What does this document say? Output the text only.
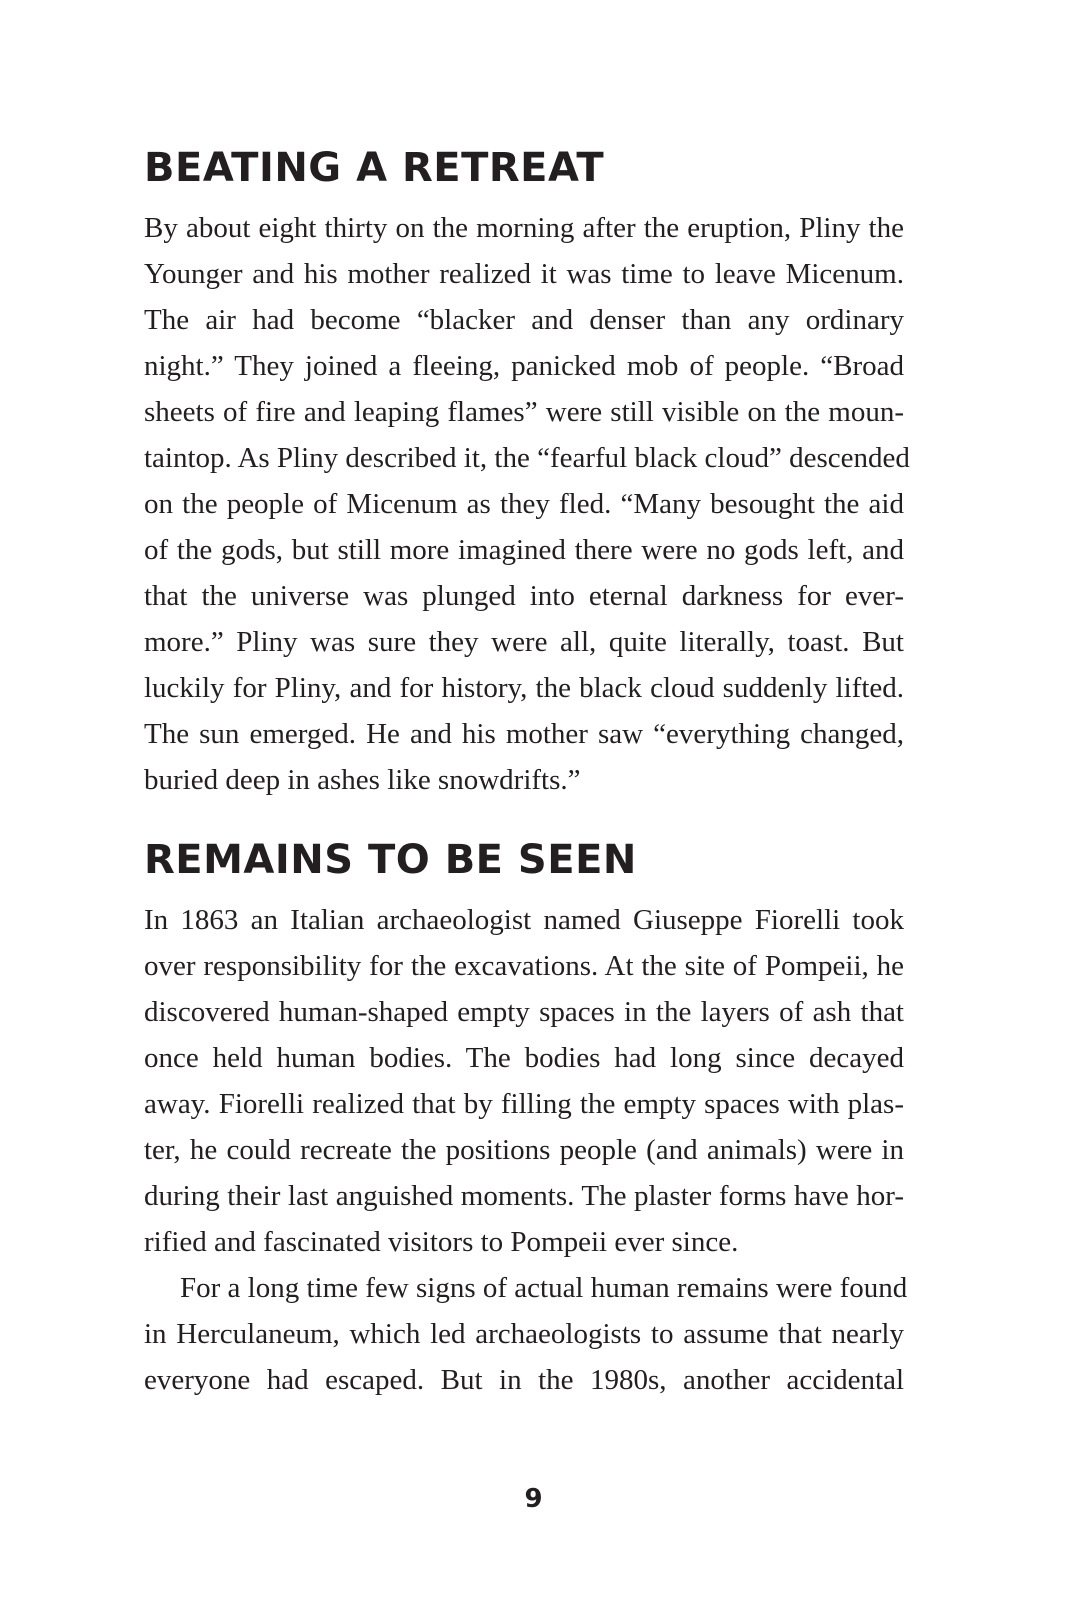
BEATING A RETREAT
By about eight thirty on the morning after the eruption, Pliny the
Younger and his mother realized it was time to leave Micenum.
The air had become “blacker and denser than any ordinary
night.” They joined a fleeing, panicked mob of people. “Broad
sheets of fire and leaping flames” were still visible on the moun-
taintop. As Pliny described it, the “fearful black cloud” descended
on the people of Micenum as they fled. “Many besought the aid
of the gods, but still more imagined there were no gods left, and
that the universe was plunged into eternal darkness for ever-
more.” Pliny was sure they were all, quite literally, toast. But
luckily for Pliny, and for history, the black cloud suddenly lifted.
The sun emerged. He and his mother saw “everything changed,
buried deep in ashes like snowdrifts.”
REMAINS TO BE SEEN
In 1863 an Italian archaeologist named Giuseppe Fiorelli took
over responsibility for the excavations. At the site of Pompeii, he
discovered human-shaped empty spaces in the layers of ash that
once held human bodies. The bodies had long since decayed
away. Fiorelli realized that by filling the empty spaces with plas-
ter, he could recreate the positions people (and animals) were in
during their last anguished moments. The plaster forms have hor-
rified and fascinated visitors to Pompeii ever since.
For a long time few signs of actual human remains were found
in Herculaneum, which led archaeologists to assume that nearly
everyone had escaped. But in the 1980s, another accidental
9
